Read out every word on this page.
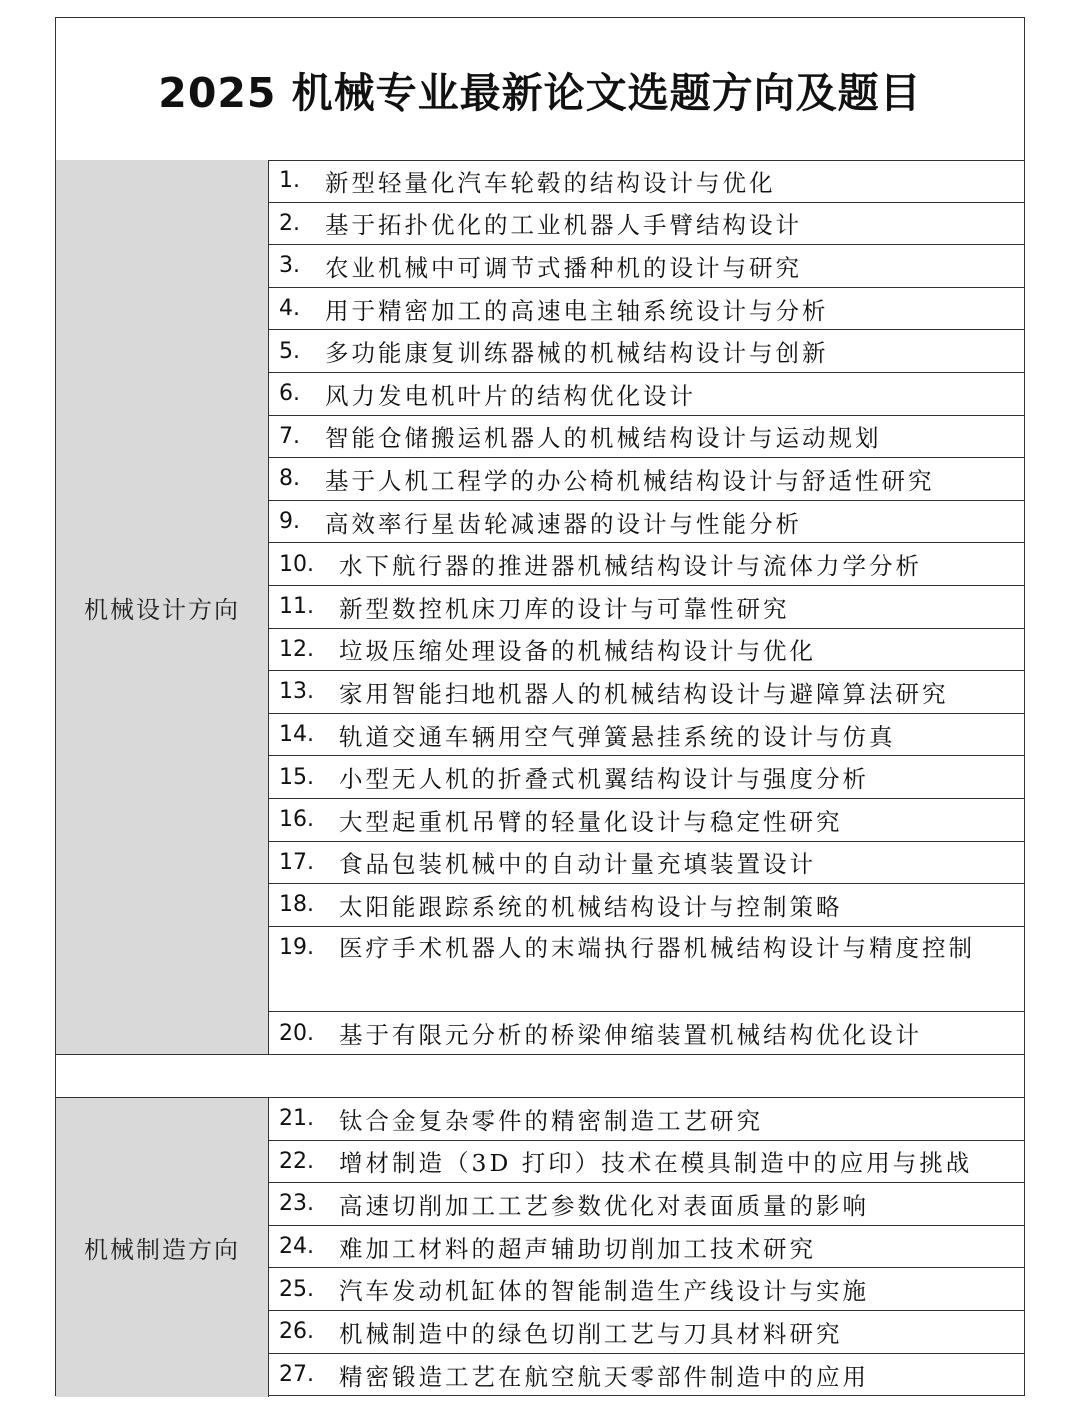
2025 机械专业最新论文选题方向及题目
机械设计方向
1.	新型轻量化汽车轮毂的结构设计与优化
2.	基于拓扑优化的工业机器人手臂结构设计
3.	农业机械中可调节式播种机的设计与研究
4.	用于精密加工的高速电主轴系统设计与分析
5.	多功能康复训练器械的机械结构设计与创新
6.	风力发电机叶片的结构优化设计
7.	智能仓储搬运机器人的机械结构设计与运动规划
8.	基于人机工程学的办公椅机械结构设计与舒适性研究
9.	高效率行星齿轮减速器的设计与性能分析
10.	水下航行器的推进器机械结构设计与流体力学分析
11.	新型数控机床刀库的设计与可靠性研究
12.	垃圾压缩处理设备的机械结构设计与优化
13.	家用智能扫地机器人的机械结构设计与避障算法研究
14.	轨道交通车辆用空气弹簧悬挂系统的设计与仿真
15.	小型无人机的折叠式机翼结构设计与强度分析
16.	大型起重机吊臂的轻量化设计与稳定性研究
17.	食品包装机械中的自动计量充填装置设计
18.	太阳能跟踪系统的机械结构设计与控制策略
19.	医疗手术机器人的末端执行器机械结构设计与精度控制
20.	基于有限元分析的桥梁伸缩装置机械结构优化设计
机械制造方向
21.	钛合金复杂零件的精密制造工艺研究
22.	增材制造（3D 打印）技术在模具制造中的应用与挑战
23.	高速切削加工工艺参数优化对表面质量的影响
24.	难加工材料的超声辅助切削加工技术研究
25.	汽车发动机缸体的智能制造生产线设计与实施
26.	机械制造中的绿色切削工艺与刀具材料研究
27.	精密锻造工艺在航空航天零部件制造中的应用
